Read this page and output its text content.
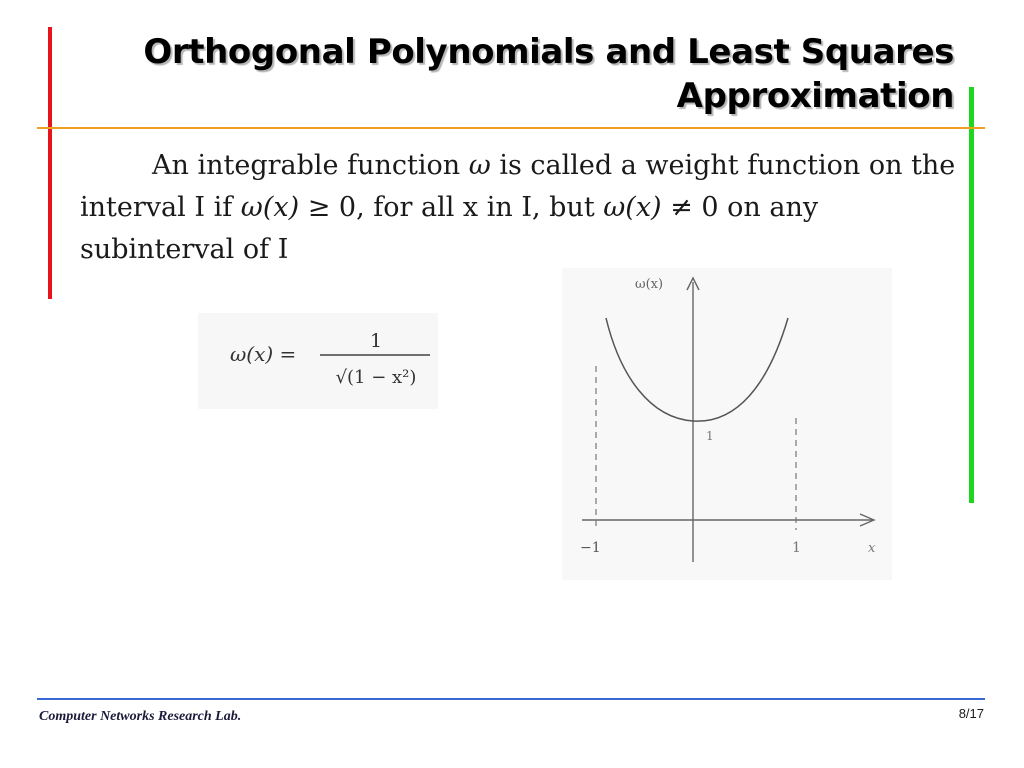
Orthogonal Polynomials and Least Squares
Approximation
An integrable function ω is called a weight function on the interval I if ω(x) ≥ 0, for all x in I, but ω(x) ≠ 0 on any subinterval of I
ω(x) =
1
√(1 − x²)
ω(x)
x
1
−1	1
Computer Networks Research Lab.	8/17
